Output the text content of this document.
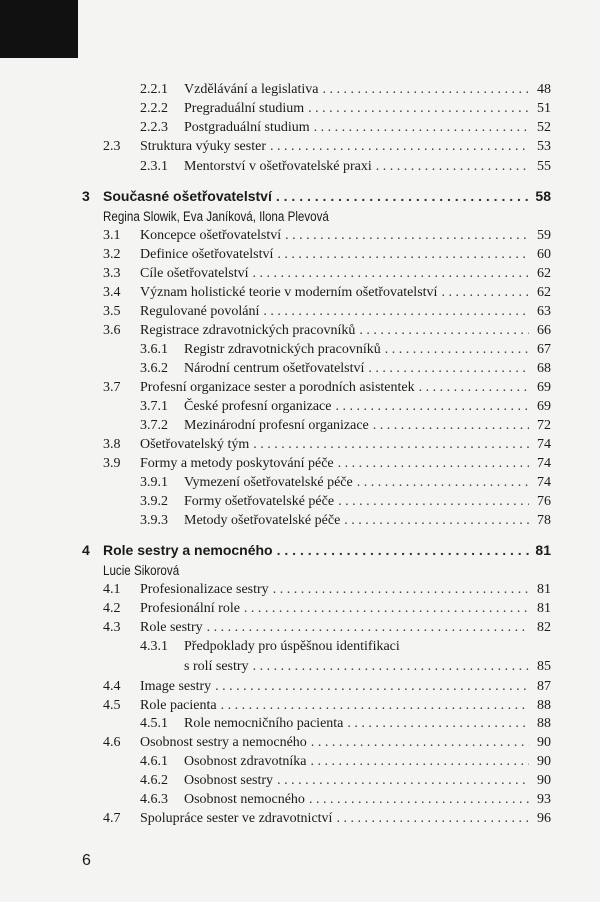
2.2.1 Vzdělávání a legislativa . . .	48
2.2.2 Pregraduální studium . . .	51
2.2.3 Postgraduální studium . . .	52
2.3 Struktura výuky sester . . .	53
2.3.1 Mentorství v ošetřovatelské praxi . . .	55
3 Současné ošetřovatelství . . .	58
Regina Slowik, Eva Janíková, Ilona Plevová
3.1 Koncepce ošetřovatelství . . .	59
3.2 Definice ošetřovatelství . . .	60
3.3 Cíle ošetřovatelství . . .	62
3.4 Význam holistické teorie v moderním ošetřovatelství . . .	62
3.5 Regulované povolání . . .	63
3.6 Registrace zdravotnických pracovníků . . .	66
3.6.1 Registr zdravotnických pracovníků . . .	67
3.6.2 Národní centrum ošetřovatelství . . .	68
3.7 Profesní organizace sester a porodních asistentek . . .	69
3.7.1 České profesní organizace . . .	69
3.7.2 Mezinárodní profesní organizace . . .	72
3.8 Ošetřovatelský tým . . .	74
3.9 Formy a metody poskytování péče . . .	74
3.9.1 Vymezení ošetřovatelské péče . . .	74
3.9.2 Formy ošetřovatelské péče . . .	76
3.9.3 Metody ošetřovatelské péče . . .	78
4 Role sestry a nemocného . . .	81
Lucie Sikorová
4.1 Profesionalizace sestry . . .	81
4.2 Profesionální role . . .	81
4.3 Role sestry . . .	82
4.3.1 Předpoklady pro úspěšnou identifikaci
s rolí sestry . . .	85
4.4 Image sestry . . .	87
4.5 Role pacienta . . .	88
4.5.1 Role nemocničního pacienta . . .	88
4.6 Osobnost sestry a nemocného . . .	90
4.6.1 Osobnost zdravotníka . . .	90
4.6.2 Osobnost sestry . . .	90
4.6.3 Osobnost nemocného . . .	93
4.7 Spolupráce sester ve zdravotnictví . . .	96
6
